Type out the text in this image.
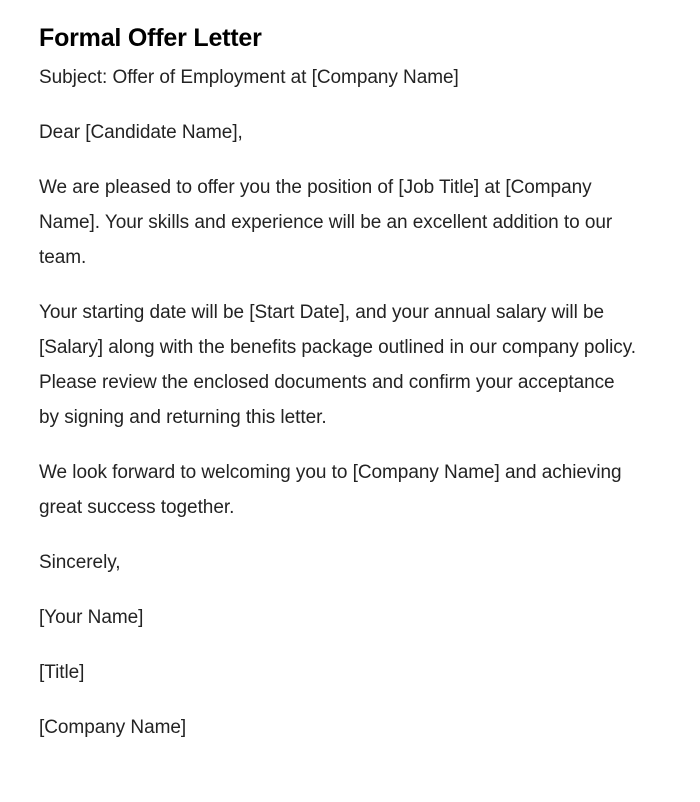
Formal Offer Letter

Subject: Offer of Employment at [Company Name]

Dear [Candidate Name],

We are pleased to offer you the position of [Job Title] at [Company Name]. Your skills and experience will be an excellent addition to our team.

Your starting date will be [Start Date], and your annual salary will be [Salary] along with the benefits package outlined in our company policy. Please review the enclosed documents and confirm your acceptance by signing and returning this letter.

We look forward to welcoming you to [Company Name] and achieving great success together.

Sincerely,

[Your Name]

[Title]

[Company Name]
